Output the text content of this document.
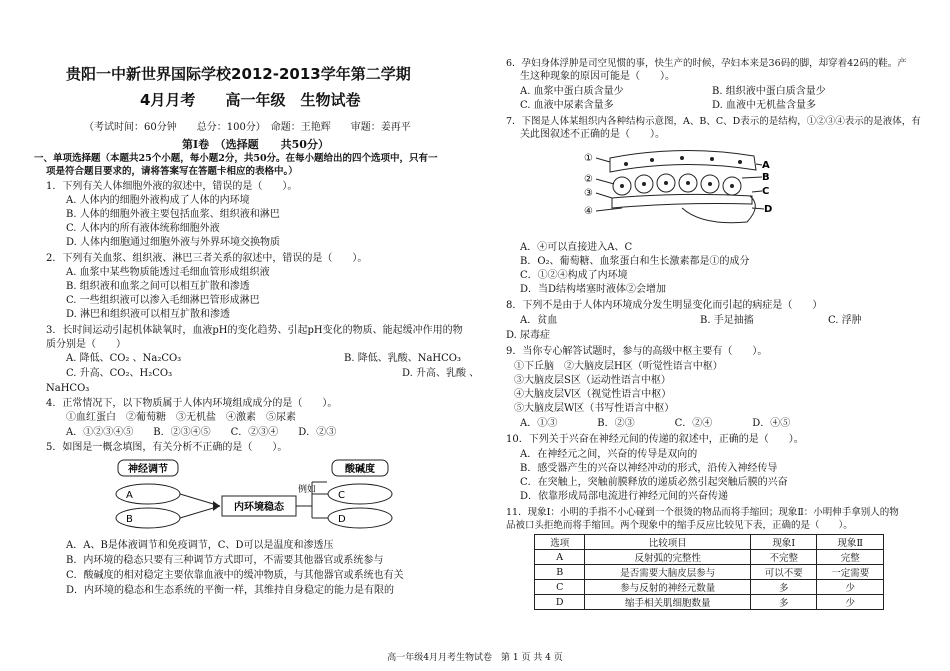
贵阳一中新世界国际学校2012-2013学年第二学期
4月月考　　高一年级　生物试卷
（考试时间：60分钟　　总分：100分）　命题：王艳辉　　审题：姜再平
第Ⅰ卷　（选择题　　共50分）
一、单项选择题（本题共25个小题，每小题2分，共50分。在每小题给出的四个选项中，只有一
项是符合题目要求的，请将答案写在答题卡相应的表格中。）
1．下列有关人体细胞外液的叙述中，错误的是（　　）。
A. 人体内的细胞外液构成了人体的内环境
B. 人体的细胞外液主要包括血浆、组织液和淋巴
C. 人体内的所有液体统称细胞外液
D. 人体内细胞通过细胞外液与外界环境交换物质
2．下列有关血浆、组织液、淋巴三者关系的叙述中，错误的是（　　）。
A. 血浆中某些物质能透过毛细血管形成组织液
B. 组织液和血浆之间可以相互扩散和渗透
C. 一些组织液可以渗入毛细淋巴管形成淋巴
D. 淋巴和组织液可以相互扩散和渗透
3．长时间运动引起机体缺氧时，血液pH的变化趋势、引起pH变化的物质、能起缓冲作用的物
质分别是（　　）
A. 降低、CO₂ 、Na₂CO₃	B. 降低、乳酸、NaHCO₃
C. 升高、CO₂、H₂CO₃	D. 升高、乳酸 、
NaHCO₃
4．正常情况下，以下物质属于人体内环境组成成分的是（　　）。
①血红蛋白　②葡萄糖　③无机盐　④激素　⑤尿素
A．①②③④⑤　　B．②③④⑤　　C．②③④　　D．②③
5．如图是一概念填图，有关分析不正确的是（　　）。
神经调节
A
B
内环境稳态
例如
酸碱度
C
D
A．A、B是体液调节和免疫调节，C、D可以是温度和渗透压
B．内环境的稳态只要有三种调节方式即可，不需要其他器官或系统参与
C．酸碱度的相对稳定主要依靠血液中的缓冲物质，与其他器官或系统也有关
D．内环境的稳态和生态系统的平衡一样，其维持自身稳定的能力是有限的
6．孕妇身体浮肿是司空见惯的事，快生产的时候，孕妇本来是36码的脚，却穿着42码的鞋。产
生这种现象的原因可能是（　　）。
A. 血浆中蛋白质含量少	B. 组织液中蛋白质含量少
C. 血液中尿素含量多	D. 血液中无机盐含量多
7．下图是人体某组织内各种结构示意图，A、B、C、D表示的是结构，①②③④表示的是液体，有
关此图叙述不正确的是（　　）。
①
②
③
④
A
B
C
D
A．④可以直接进入A、C
B．O₂、葡萄糖、血浆蛋白和生长激素都是①的成分
C．①②④构成了内环境
D．当D结构堵塞时液体②会增加
8．下列不是由于人体内环境成分发生明显变化而引起的病症是（　　）
A．贫血	B. 手足抽搐	C. 浮肿
D. 尿毒症
9．当你专心解答试题时，参与的高级中枢主要有（　　）。
①下丘脑　②大脑皮层H区（听觉性语言中枢）
③大脑皮层S区（运动性语言中枢）
④大脑皮层V区（视觉性语言中枢）
⑤大脑皮层W区（书写性语言中枢）
A．①③　　　　B．②③　　　　C．②④　　　　D．④⑤
10．下列关于兴奋在神经元间的传递的叙述中，正确的是（　　）。
A．在神经元之间，兴奋的传导是双向的
B．感受器产生的兴奋以神经冲动的形式，沿传入神经传导
C．在突触上，突触前膜释放的递质必然引起突触后膜的兴奋
D．依靠形成局部电流进行神经元间的兴奋传递
11．现象Ⅰ：小明的手指不小心碰到一个很烫的物品而将手缩回；现象Ⅱ：小明伸手拿别人的物
品被口头拒绝而将手缩回。两个现象中的缩手反应比较见下表，正确的是（　　）。
选项	比较项目	现象Ⅰ	现象Ⅱ
A	反射弧的完整性	不完整	完整
B	是否需要大脑皮层参与	可以不要	一定需要
C	参与反射的神经元数量	多	少
D	缩手相关肌细胞数量	多	少
高一年级4月月考生物试卷　第 1 页 共 4 页
